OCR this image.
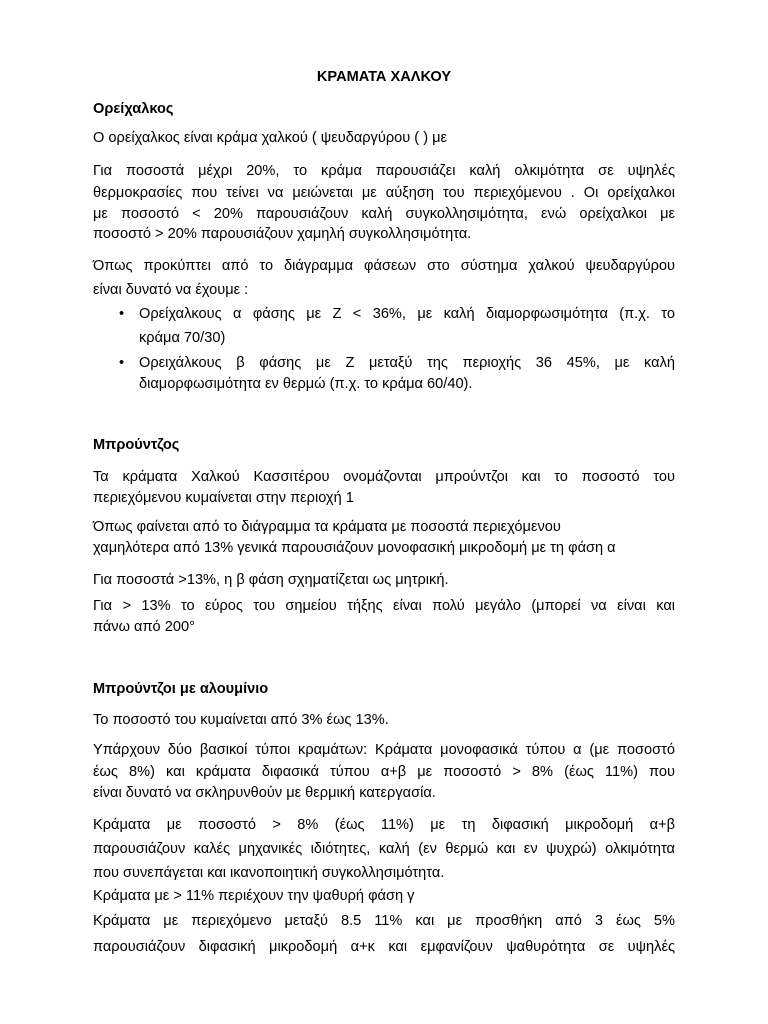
ΚΡΑΜΑΤΑ ΧΑΛΚΟΥ
Ορείχαλκος
Ο ορείχαλκος είναι κράμα χαλκού ( ψευδαργύρου ( ) με
Για ποσοστά μέχρι 20%, το κράμα παρουσιάζει καλή ολκιμότητα σε υψηλές
θερμοκρασίες που τείνει να μειώνεται με αύξηση του περιεχόμενου . Οι ορείχαλκοι
με ποσοστό < 20% παρουσιάζουν καλή συγκολλησιμότητα, ενώ ορείχαλκοι με
ποσοστό > 20% παρουσιάζουν χαμηλή συγκολλησιμότητα.
Όπως προκύπτει από το διάγραμμα φάσεων στο σύστημα χαλκού ψευδαργύρου
είναι δυνατό να έχουμε :
•	Ορείχαλκους α φάσης με Ζ < 36%, με καλή διαμορφωσιμότητα (π.χ. το
κράμα 70/30)
•	Ορειχάλκους β φάσης με Ζ μεταξύ της περιοχής 36 45%, με καλή
διαμορφωσιμότητα εν θερμώ (π.χ. το κράμα 60/40).
Μπρούντζος
Τα κράματα Χαλκού Κασσιτέρου ονομάζονται μπρούντζοι και το ποσοστό του
περιεχόμενου κυμαίνεται στην περιοχή 1
Όπως φαίνεται από το διάγραμμα τα κράματα με ποσοστά περιεχόμενου
χαμηλότερα από 13% γενικά παρουσιάζουν μονοφασική μικροδομή με τη φάση α
Για ποσοστά >13%, η β φάση σχηματίζεται ως μητρική.
Για > 13% το εύρος του σημείου τήξης είναι πολύ μεγάλο (μπορεί να είναι και
πάνω από 200°
Μπρούντζοι με αλουμίνιο
Το ποσοστό του κυμαίνεται από 3% έως 13%.
Υπάρχουν δύο βασικοί τύποι κραμάτων: Κράματα μονοφασικά τύπου α (με ποσοστό
έως 8%) και κράματα διφασικά τύπου α+β με ποσοστό > 8% (έως 11%) που
είναι δυνατό να σκληρυνθούν με θερμική κατεργασία.
Κράματα με ποσοστό > 8% (έως 11%) με τη διφασική μικροδομή α+β
παρουσιάζουν καλές μηχανικές ιδιότητες, καλή (εν θερμώ και εν ψυχρώ) ολκιμότητα
που συνεπάγεται και ικανοποιητική συγκολλησιμότητα.
Κράματα με > 11% περιέχουν την ψαθυρή φάση γ
Κράματα με περιεχόμενο μεταξύ 8.5 11% και με προσθήκη από 3 έως 5%
παρουσιάζουν διφασική μικροδομή α+κ και εμφανίζουν ψαθυρότητα σε υψηλές
